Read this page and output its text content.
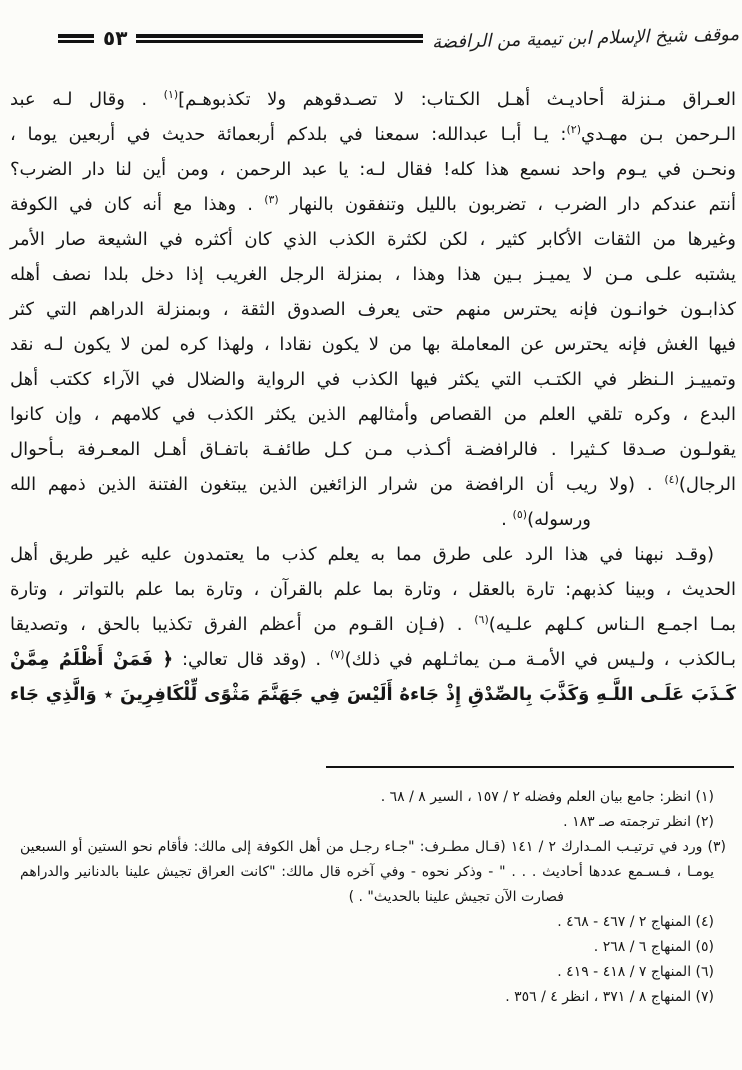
موقف شيخ الإسلام ابن تيمية من الرافضة
٥٣
العـراق مـنزلة أحاديـث أهـل الكـتاب: لا تصـدقوهم ولا تكذبوهـم]$^{(١)}$ . وقال لـه عبد
الـرحمن بـن مهـدي$^{(٢)}$: يـا أبـا عبدالله: سمعنا في بلدكم أربعمائة حديث في أربعين يوما ،
ونحـن في يـوم واحد نسمع هذا كله! فقال لـه: يا عبد الرحمن ، ومن أين لنا دار الضرب؟
أنتم عندكم دار الضرب ، تضربون بالليل وتنفقون بالنهار $^{(٣)}$ . وهذا مع أنه كان في الكوفة
وغيرها من الثقات الأكابر كثير ، لكن لكثرة الكذب الذي كان أكثره في الشيعة صار الأمر
يشتبه علـى مـن لا يميـز بـين هذا وهذا ، بمنزلة الرجل الغريب إذا دخل بلدا نصف أهله
كذابـون خوانـون فإنه يحترس منهم حتى يعرف الصدوق الثقة ، وبمنزلة الدراهم التي كثر
فيها الغش فإنه يحترس عن المعاملة بها من لا يكون نقادا ، ولهذا كره لمن لا يكون لـه نقد
وتمييـز الـنظر في الكتـب التي يكثر فيها الكذب في الرواية والضلال في الآراء ككتب أهل
البدع ، وكره تلقي العلم من القصاص وأمثالهم الذين يكثر الكذب في كلامهم ، وإن كانوا
يقولـون صـدقا كـثيرا . فالرافضـة أكـذب مـن كـل طائفـة باتفـاق أهـل المعـرفة بـأحوال
الرجال)$^{(٤)}$ . (ولا ريب أن الرافضة من شرار الزائغين الذين يبتغون الفتنة الذين ذمهم الله
ورسوله)$^{(٥)}$ .
(وقـد نبهنا في هذا الرد على طرق مما به يعلم كذب ما يعتمدون عليه غير طريق أهل
الحديث ، وبينا كذبهم: تارة بالعقل ، وتارة بما علم بالقرآن ، وتارة بما علم بالتواتر ، وتارة
بمـا اجمـع الـناس كـلهم علـيه)$^{(٦)}$ . (فـإن القـوم من أعظم الفرق تكذيبا بالحق ، وتصديقا
بـالكذب ، ولـيس في الأمـة مـن يماثـلهم في ذلك)$^{(٧)}$ . (وقد قال تعالي: ﴿ فَمَنْ أَظْلَمُ مِمَّنْ
كَـذَبَ عَلَـى اللَّـهِ وَكَذَّبَ بِالصِّدْقِ إِذْ جَاءهُ أَلَيْسَ فِي جَهَنَّمَ مَثْوًى لِّلْكَافِرِينَ ٭ وَالَّذِي جَاء
(١) انظر: جامع بيان العلم وفضله ٢ / ١٥٧ ، السير ٨ / ٦٨ .
(٢) انظر ترجمته صـ ١٨٣ .
(٣) ورد في ترتيـب المـدارك ٢ / ١٤١ (قـال مطـرف: "جـاء رجـل من أهل الكوفة إلى مالك: فأقام نحو الستين أو السبعين
يومـا ، فـسـمع عددها أحاديث . . . " - وذكر نحوه - وفي آخره قال مالك: "كانت العراق تجيش علينا بالدنانير والدراهم
فصارت الآن تجيش علينا بالحديث" . )
(٤) المنهاج ٢ / ٤٦٧ - ٤٦٨ .
(٥) المنهاج ٦ / ٢٦٨ .
(٦) المنهاج ٧ / ٤١٨ - ٤١٩ .
(٧) المنهاج ٨ / ٣٧١ ، انظر ٤ / ٣٥٦ .
